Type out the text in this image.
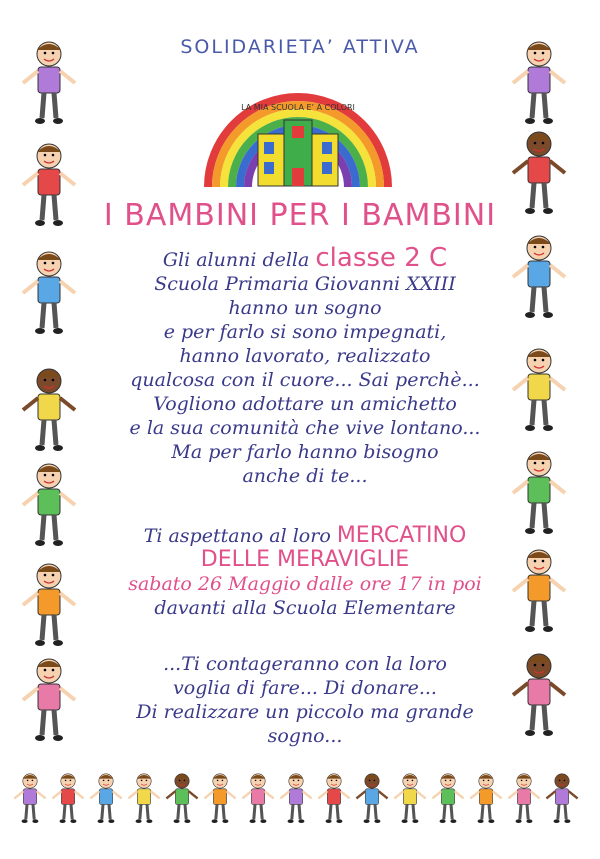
SOLIDARIETA’ ATTIVA
LA MIA SCUOLA E’ A COLORI
I BAMBINI PER I BAMBINI
Gli alunni della classe 2 C
Scuola Primaria Giovanni XXIII
hanno un sogno
e per farlo si sono impegnati,
hanno lavorato, realizzato
qualcosa con il cuore... Sai perchè...
Vogliono adottare un amichetto
e la sua comunità che vive lontano...
Ma per farlo hanno bisogno
anche di te...
Ti aspettano al loro MERCATINO
DELLE MERAVIGLIE
sabato 26 Maggio dalle ore 17 in poi
davanti alla Scuola Elementare
...Ti contageranno con la loro
voglia di fare... Di donare...
Di realizzare un piccolo ma grande
sogno...
